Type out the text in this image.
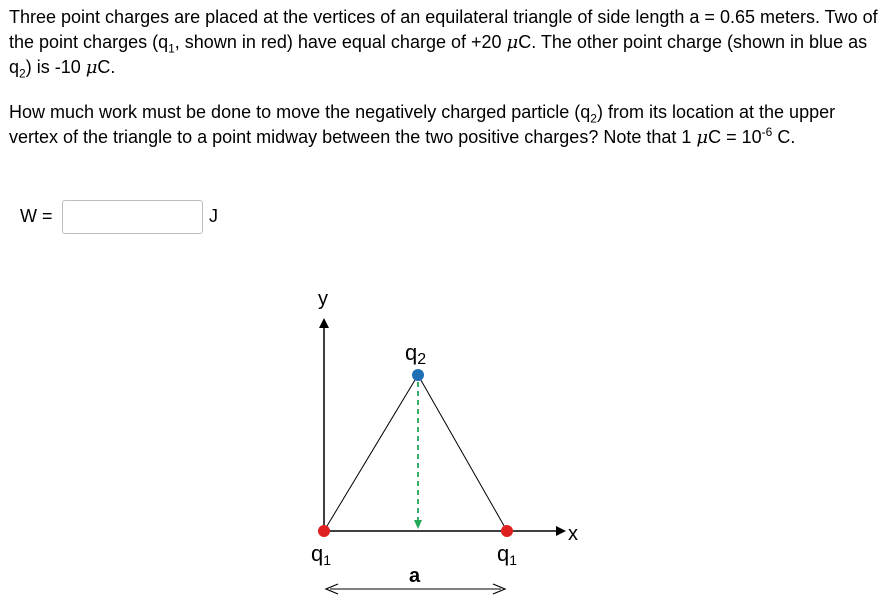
Three point charges are placed at the vertices of an equilateral triangle of side length a = 0.65 meters. Two of the point charges ($q_1$, shown in red) have equal charge of +20 μC. The other point charge (shown in blue as $q_2$) is -10 μC.

How much work must be done to move the negatively charged particle $(q_2)$ from its location at the upper vertex of the triangle to a point midway between the two positive charges? Note that 1 $\mu C = 10^{-6}$ C.

W =	J
y
x
q2
q1	q1
a
